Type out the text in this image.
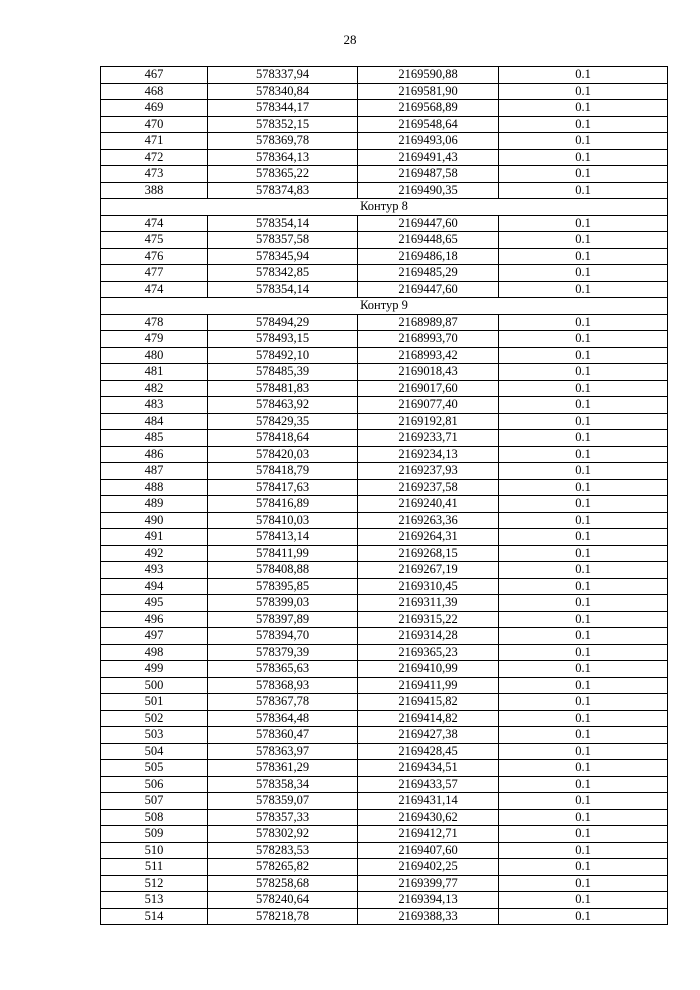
28
467	578337,94	2169590,88	0.1
468	578340,84	2169581,90	0.1
469	578344,17	2169568,89	0.1
470	578352,15	2169548,64	0.1
471	578369,78	2169493,06	0.1
472	578364,13	2169491,43	0.1
473	578365,22	2169487,58	0.1
388	578374,83	2169490,35	0.1
Контур 8			
474	578354,14	2169447,60	0.1
475	578357,58	2169448,65	0.1
476	578345,94	2169486,18	0.1
477	578342,85	2169485,29	0.1
474	578354,14	2169447,60	0.1
Контур 9			
478	578494,29	2168989,87	0.1
479	578493,15	2168993,70	0.1
480	578492,10	2168993,42	0.1
481	578485,39	2169018,43	0.1
482	578481,83	2169017,60	0.1
483	578463,92	2169077,40	0.1
484	578429,35	2169192,81	0.1
485	578418,64	2169233,71	0.1
486	578420,03	2169234,13	0.1
487	578418,79	2169237,93	0.1
488	578417,63	2169237,58	0.1
489	578416,89	2169240,41	0.1
490	578410,03	2169263,36	0.1
491	578413,14	2169264,31	0.1
492	578411,99	2169268,15	0.1
493	578408,88	2169267,19	0.1
494	578395,85	2169310,45	0.1
495	578399,03	2169311,39	0.1
496	578397,89	2169315,22	0.1
497	578394,70	2169314,28	0.1
498	578379,39	2169365,23	0.1
499	578365,63	2169410,99	0.1
500	578368,93	2169411,99	0.1
501	578367,78	2169415,82	0.1
502	578364,48	2169414,82	0.1
503	578360,47	2169427,38	0.1
504	578363,97	2169428,45	0.1
505	578361,29	2169434,51	0.1
506	578358,34	2169433,57	0.1
507	578359,07	2169431,14	0.1
508	578357,33	2169430,62	0.1
509	578302,92	2169412,71	0.1
510	578283,53	2169407,60	0.1
511	578265,82	2169402,25	0.1
512	578258,68	2169399,77	0.1
513	578240,64	2169394,13	0.1
514	578218,78	2169388,33	0.1
